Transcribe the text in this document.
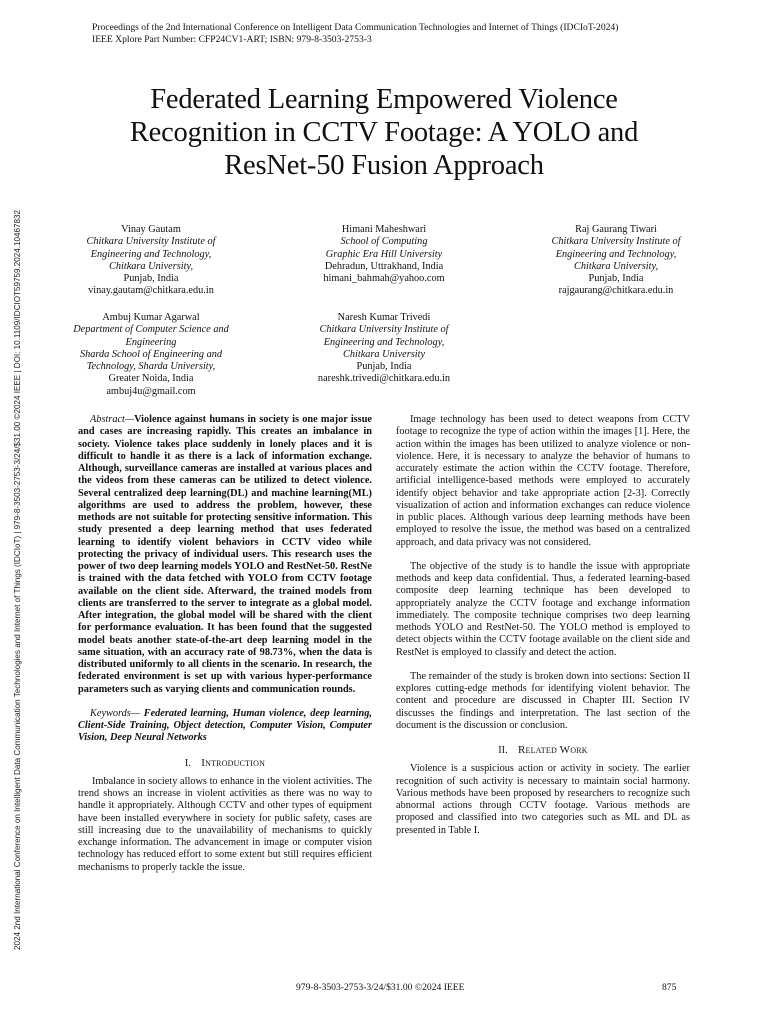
Proceedings of the 2nd International Conference on Intelligent Data Communication Technologies and Internet of Things (IDCIoT-2024)
IEEE Xplore Part Number: CFP24CV1-ART; ISBN: 979-8-3503-2753-3
2024 2nd International Conference on Intelligent Data Communication Technologies and Internet of Things (IDCIoT) | 979-8-3503-2753-3/24/$31.00 ©2024 IEEE | DOI: 10.1109/IDCIOT59759.2024.10467832
Federated Learning Empowered Violence
Recognition in CCTV Footage: A YOLO and
ResNet-50 Fusion Approach
Vinay Gautam
Chitkara University Institute of
Engineering and Technology,
Chitkara University,
Punjab, India
vinay.gautam@chitkara.edu.in
Himani Maheshwari
School of Computing
Graphic Era Hill University
Dehradun, Uttrakhand, India
himani_bahmah@yahoo.com
Raj Gaurang Tiwari
Chitkara University Institute of
Engineering and Technology,
Chitkara University,
Punjab, India
rajgaurang@chitkara.edu.in
Ambuj Kumar Agarwal
Department of Computer Science and
Engineering
Sharda School of Engineering and
Technology, Sharda University,
Greater Noida, India
ambuj4u@gmail.com
Naresh Kumar Trivedi
Chitkara University Institute of
Engineering and Technology,
Chitkara University
Punjab, India
nareshk.trivedi@chitkara.edu.in

Abstract—Violence against humans in society is one major issue and cases are increasing rapidly. This creates an imbalance in society. Violence takes place suddenly in lonely places and it is difficult to handle it as there is a lack of information exchange. Although, surveillance cameras are installed at various places and the videos from these cameras can be utilized to detect violence. Several centralized deep learning(DL) and machine learning(ML) algorithms are used to address the problem, however, these methods are not suitable for protecting sensitive information. This study presented a deep learning method that uses federated learning to identify violent behaviors in CCTV video while protecting the privacy of individual users. This research uses the power of two deep learning models YOLO and RestNet-50. RestNe is trained with the data fetched with YOLO from CCTV footage available on the client side. Afterward, the trained models from clients are transferred to the server to integrate as a global model. After integration, the global model will be shared with the client for performance evaluation. It has been found that the suggested model beats another state-of-the-art deep learning model in the same situation, with an accuracy rate of 98.73%, when the data is distributed uniformly to all clients in the scenario. In research, the federated environment is set up with various hyper-performance parameters such as varying clients and communication rounds.

Keywords— Federated learning, Human violence, deep learning, Client-Side Training, Object detection, Computer Vision, Computer Vision, Deep Neural Networks

I. Introduction

Imbalance in society allows to enhance in the violent activities. The trend shows an increase in violent activities as there was no way to handle it appropriately. Although CCTV and other types of equipment have been installed everywhere in society for public safety, cases are still increasing due to the unavailability of mechanisms to quickly exchange information. The advancement in image or computer vision technology has reduced effort to some extent but still requires efficient mechanisms to properly tackle the issue.

Image technology has been used to detect weapons from CCTV footage to recognize the type of action within the images [1]. Here, the action within the images has been utilized to analyze violence or non-violence. Here, it is necessary to analyze the behavior of humans to accurately estimate the action within the CCTV footage. Therefore, artificial intelligence-based methods were employed to accurately identify object behavior and take appropriate action [2-3]. Correctly visualization of action and information exchanges can reduce violence in public places. Although various deep learning methods have been employed to resolve the issue, the method was based on a centralized approach, and data privacy was not considered.

The objective of the study is to handle the issue with appropriate methods and keep data confidential. Thus, a federated learning-based composite deep learning technique has been developed to appropriately analyze the CCTV footage and exchange information immediately. The composite technique comprises two deep learning methods YOLO and RestNet-50. The YOLO method is employed to detect objects within the CCTV footage available on the client side and RestNet is employed to classify and detect the action.

The remainder of the study is broken down into sections: Section II explores cutting-edge methods for identifying violent behavior. The content and procedure are discussed in Chapter III. Section IV discusses the findings and interpretation. The last section of the document is the discussion or conclusion.

II. Related Work

Violence is a suspicious action or activity in society. The earlier recognition of such activity is necessary to maintain social harmony. Various methods have been proposed by researchers to recognize such abnormal actions through CCTV footage. Various methods are proposed and classified into two categories such as ML and DL as presented in Table I.

979-8-3503-2753-3/24/$31.00 ©2024 IEEE	875
